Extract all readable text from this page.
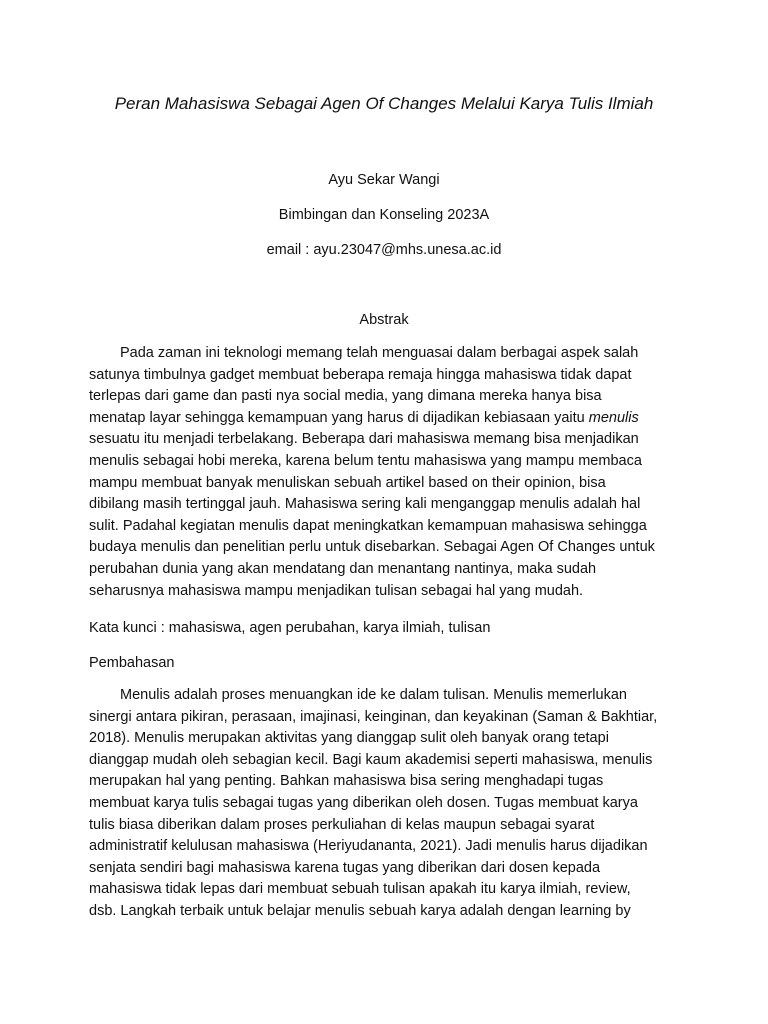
Peran Mahasiswa Sebagai Agen Of Changes Melalui Karya Tulis Ilmiah
Ayu Sekar Wangi
Bimbingan dan Konseling 2023A
email : ayu.23047@mhs.unesa.ac.id
Abstrak
Pada zaman ini teknologi memang telah menguasai dalam berbagai aspek salah
satunya timbulnya gadget membuat beberapa remaja hingga mahasiswa tidak dapat
terlepas dari game dan pasti nya social media, yang dimana mereka hanya bisa
menatap layar sehingga kemampuan yang harus di dijadikan kebiasaan yaitu menulis
sesuatu itu menjadi terbelakang. Beberapa dari mahasiswa memang bisa menjadikan
menulis sebagai hobi mereka, karena belum tentu mahasiswa yang mampu membaca
mampu membuat banyak menuliskan sebuah artikel based on their opinion, bisa
dibilang masih tertinggal jauh. Mahasiswa sering kali menganggap menulis adalah hal
sulit. Padahal kegiatan menulis dapat meningkatkan kemampuan mahasiswa sehingga
budaya menulis dan penelitian perlu untuk disebarkan. Sebagai Agen Of Changes untuk
perubahan dunia yang akan mendatang dan menantang nantinya, maka sudah
seharusnya mahasiswa mampu menjadikan tulisan sebagai hal yang mudah.
Kata kunci : mahasiswa, agen perubahan, karya ilmiah, tulisan
Pembahasan
Menulis adalah proses menuangkan ide ke dalam tulisan. Menulis memerlukan
sinergi antara pikiran, perasaan, imajinasi, keinginan, dan keyakinan (Saman & Bakhtiar,
2018). Menulis merupakan aktivitas yang dianggap sulit oleh banyak orang tetapi
dianggap mudah oleh sebagian kecil. Bagi kaum akademisi seperti mahasiswa, menulis
merupakan hal yang penting. Bahkan mahasiswa bisa sering menghadapi tugas
membuat karya tulis sebagai tugas yang diberikan oleh dosen. Tugas membuat karya
tulis biasa diberikan dalam proses perkuliahan di kelas maupun sebagai syarat
administratif kelulusan mahasiswa (Heriyudananta, 2021). Jadi menulis harus dijadikan
senjata sendiri bagi mahasiswa karena tugas yang diberikan dari dosen kepada
mahasiswa tidak lepas dari membuat sebuah tulisan apakah itu karya ilmiah, review,
dsb. Langkah terbaik untuk belajar menulis sebuah karya adalah dengan learning by
